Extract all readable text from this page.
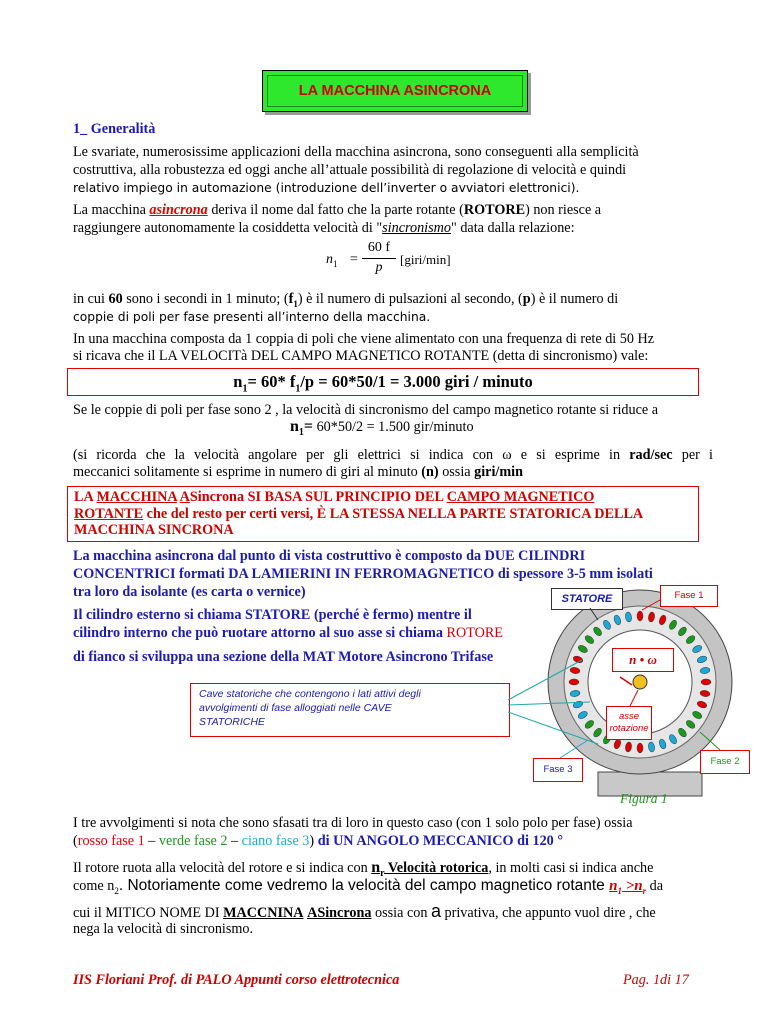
LA MACCHINA ASINCRONA
1_ Generalità
Le svariate, numerosissime applicazioni della macchina asincrona, sono conseguenti alla semplicità
costruttiva, alla robustezza ed oggi anche all’attuale possibilità di regolazione di velocità e quindi
relativo impiego in automazione (introduzione dell’inverter o avviatori elettronici).
La macchina asincrona deriva il nome dal fatto che la parte rotante (ROTORE) non riesce a
raggiungere autonomamente la cosiddetta velocità di "sincronismo" data dalla relazione:
$n_1$ =
60 f
p
[giri/min]
in cui 60 sono i secondi in 1 minuto; $(f_1)$ è il numero di pulsazioni al secondo, (p) è il numero di
coppie di poli per fase presenti all’interno della macchina.
In una macchina composta da 1 coppia di poli che viene alimentato con una frequenza di rete di 50 Hz
si ricava che il LA VELOCITà DEL CAMPO MAGNETICO ROTANTE (detta di sincronismo) vale:
$n_1= 60*$ $f_1/p = 60*50/1 = 3.000$ giri / minuto
Se le coppie di poli per fase sono 2 , la velocità di sincronismo del campo magnetico rotante si riduce a
$n_1= 60*50/2 = 1.500$ gir/minuto
(si ricorda che la velocità angolare per gli elettrici si indica con ω e si esprime in rad/sec per i
meccanici solitamente si esprime in numero di giri al minuto (n) ossia giri/min
LA MACCHINA ASincrona SI BASA SUL PRINCIPIO DEL CAMPO MAGNETICO
ROTANTE che del resto per certi versi, È LA STESSA NELLA PARTE STATORICA DELLA
MACCHINA SINCRONA
La macchina asincrona dal punto di vista costruttivo è composto da DUE CILINDRI
CONCENTRICI formati DA LAMIERINI IN FERROMAGNETICO di spessore 3-5 mm isolati
tra loro da isolante (es carta o vernice)
Il cilindro esterno si chiama STATORE (perché è fermo) mentre il
cilindro interno che può ruotare attorno al suo asse si chiama ROTORE
di fianco si sviluppa una sezione della MAT Motore Asincrono Trifase
STATORE	Fase 1
n • ω
asse
rotazione
Fase 3
Fase 2
Cave statoriche che contengono i lati attivi degli
avvolgimenti di fase alloggiati nelle CAVE
STATORICHE
Figura 1
I tre avvolgimenti si nota che sono sfasati tra di loro in questo caso (con 1 solo polo per fase) ossia
(rosso fase 1 – verde fase 2 – ciano fase 3) di UN ANGOLO MECCANICO di 120 °
Il rotore ruota alla velocità del rotore e si indica con $n_r$ Velocità rotorica, in molti casi si indica anche
come $n_2$. Notoriamente come vedremo la velocità del campo magnetico rotante $n_1 >n_r$ da
cui il MITICO NOME DI MACCNINA ASincrona ossia con a privativa, che appunto vuol dire , che
nega la velocità di sincronismo.
IIS Floriani Prof. di PALO Appunti corso elettrotecnica	Pag. 1di 17
